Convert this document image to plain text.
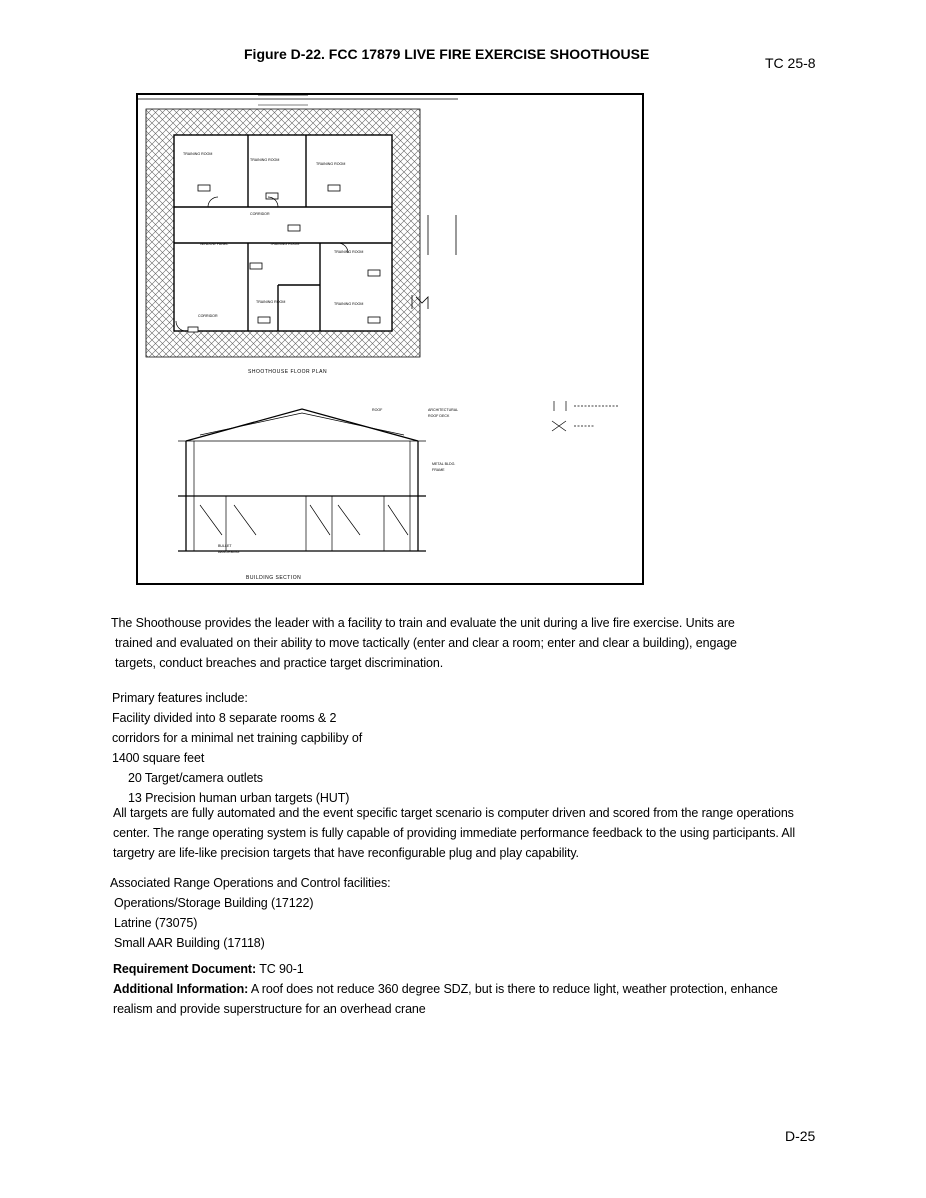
Figure D-22. FCC 17879 LIVE FIRE EXERCISE SHOOTHOUSE
TC 25-8
TRAINING ROOM
TRAINING ROOM
TRAINING ROOM
WINDOW PANEL	TRAINING ROOM
TRAINING ROOM
TRAINING ROOM	TRAINING ROOM
CORRIDOR
CORRIDOR
SHOOTHOUSE FLOOR PLAN
ROOF	ARCHITECTURAL
ROOF DECK
METAL BLDG.
FRAME
BULLET
ABSORBING
BUILDING SECTION
The Shoothouse provides the leader with a facility to train and evaluate the unit during a live fire exercise. Units are
trained and evaluated on their ability to move tactically (enter and clear a room; enter and clear a building), engage
targets, conduct breaches and practice target discrimination.
Primary features include:
Facility divided into 8 separate rooms & 2
corridors for a minimal net training capbiliby of
1400 square feet
20 Target/camera outlets
13 Precision human urban targets (HUT)
All targets are fully automated and the event specific target scenario is computer driven and scored from the range operations
center. The range operating system is fully capable of providing immediate performance feedback to the using participants. All
targetry are life-like precision targets that have reconfigurable plug and play capability.
Associated Range Operations and Control facilities:
Operations/Storage Building (17122)
Latrine (73075)
Small AAR Building (17118)
Requirement Document: TC 90-1
Additional Information: A roof does not reduce 360 degree SDZ, but is there to reduce light, weather protection, enhance
realism and provide superstructure for an overhead crane
D-25
